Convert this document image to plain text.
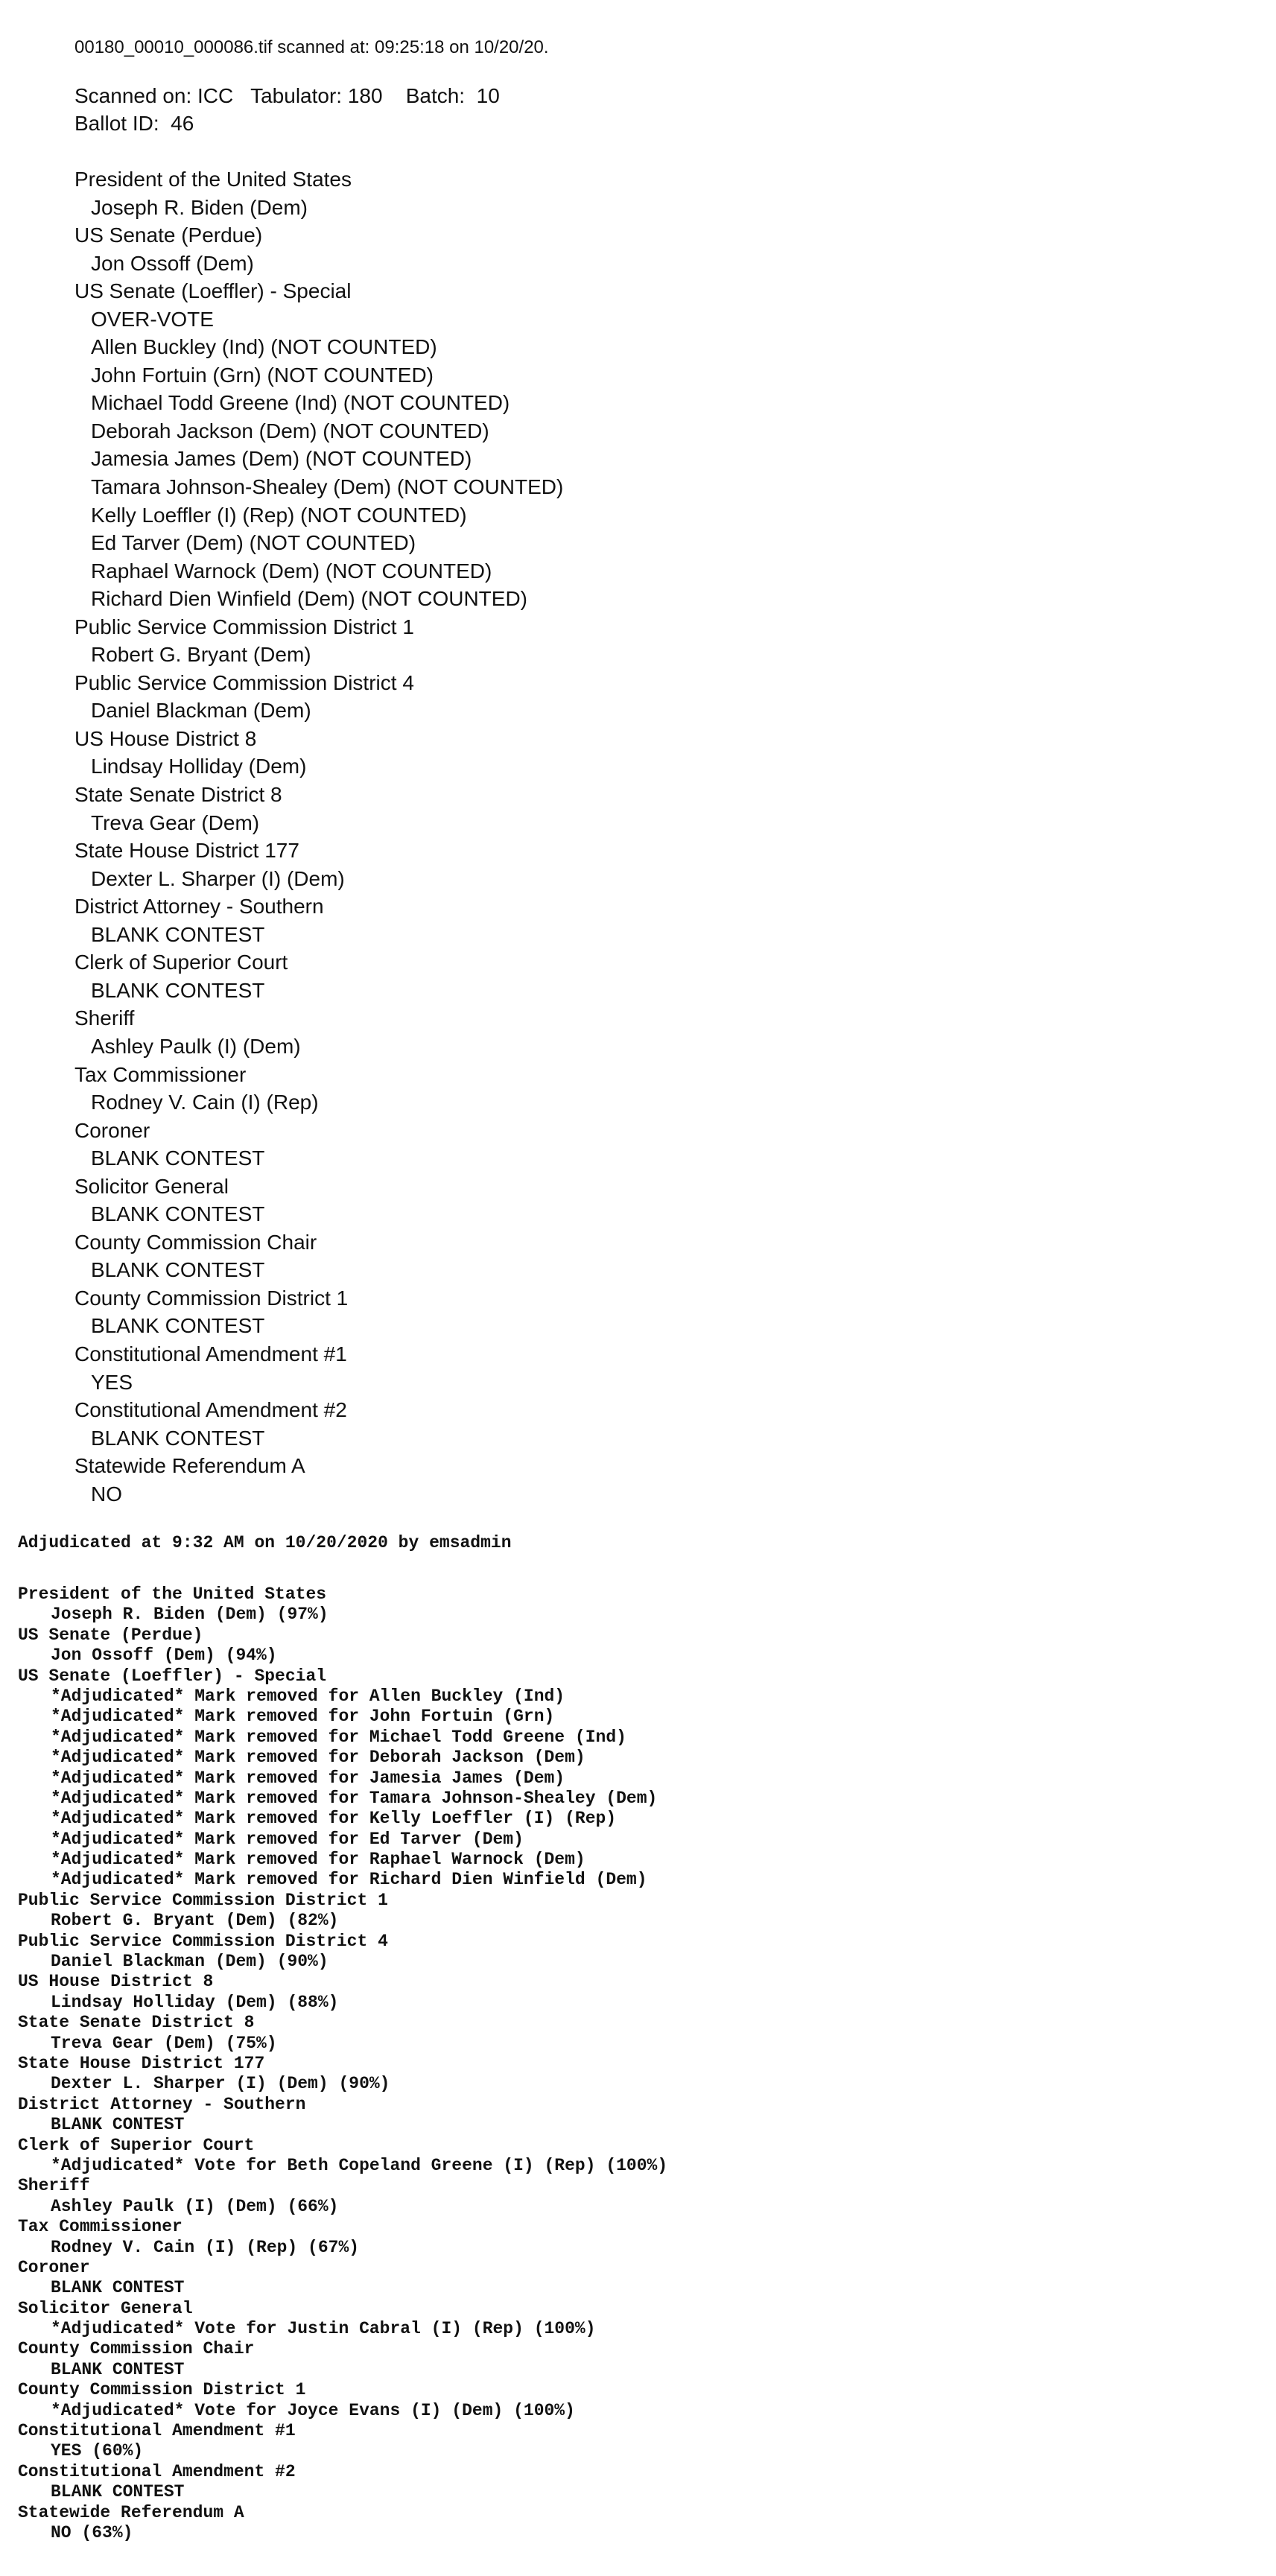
00180_00010_000086.tif scanned at: 09:25:18 on 10/20/20.
Scanned on: ICC Tabulator: 180 Batch: 10
Ballot ID: 46
President of the United States
Joseph R. Biden (Dem)
US Senate (Perdue)
Jon Ossoff (Dem)
US Senate (Loeffler) - Special
OVER-VOTE
Allen Buckley (Ind) (NOT COUNTED)
John Fortuin (Grn) (NOT COUNTED)
Michael Todd Greene (Ind) (NOT COUNTED)
Deborah Jackson (Dem) (NOT COUNTED)
Jamesia James (Dem) (NOT COUNTED)
Tamara Johnson-Shealey (Dem) (NOT COUNTED)
Kelly Loeffler (I) (Rep) (NOT COUNTED)
Ed Tarver (Dem) (NOT COUNTED)
Raphael Warnock (Dem) (NOT COUNTED)
Richard Dien Winfield (Dem) (NOT COUNTED)
Public Service Commission District 1
Robert G. Bryant (Dem)
Public Service Commission District 4
Daniel Blackman (Dem)
US House District 8
Lindsay Holliday (Dem)
State Senate District 8
Treva Gear (Dem)
State House District 177
Dexter L. Sharper (I) (Dem)
District Attorney - Southern
BLANK CONTEST
Clerk of Superior Court
BLANK CONTEST
Sheriff
Ashley Paulk (I) (Dem)
Tax Commissioner
Rodney V. Cain (I) (Rep)
Coroner
BLANK CONTEST
Solicitor General
BLANK CONTEST
County Commission Chair
BLANK CONTEST
County Commission District 1
BLANK CONTEST
Constitutional Amendment #1
YES
Constitutional Amendment #2
BLANK CONTEST
Statewide Referendum A
NO
Adjudicated at 9:32 AM on 10/20/2020 by emsadmin
President of the United States
Joseph R. Biden (Dem) (97%)
US Senate (Perdue)
Jon Ossoff (Dem) (94%)
US Senate (Loeffler) - Special
*Adjudicated* Mark removed for Allen Buckley (Ind)
*Adjudicated* Mark removed for John Fortuin (Grn)
*Adjudicated* Mark removed for Michael Todd Greene (Ind)
*Adjudicated* Mark removed for Deborah Jackson (Dem)
*Adjudicated* Mark removed for Jamesia James (Dem)
*Adjudicated* Mark removed for Tamara Johnson-Shealey (Dem)
*Adjudicated* Mark removed for Kelly Loeffler (I) (Rep)
*Adjudicated* Mark removed for Ed Tarver (Dem)
*Adjudicated* Mark removed for Raphael Warnock (Dem)
*Adjudicated* Mark removed for Richard Dien Winfield (Dem)
Public Service Commission District 1
Robert G. Bryant (Dem) (82%)
Public Service Commission District 4
Daniel Blackman (Dem) (90%)
US House District 8
Lindsay Holliday (Dem) (88%)
State Senate District 8
Treva Gear (Dem) (75%)
State House District 177
Dexter L. Sharper (I) (Dem) (90%)
District Attorney - Southern
BLANK CONTEST
Clerk of Superior Court
*Adjudicated* Vote for Beth Copeland Greene (I) (Rep) (100%)
Sheriff
Ashley Paulk (I) (Dem) (66%)
Tax Commissioner
Rodney V. Cain (I) (Rep) (67%)
Coroner
BLANK CONTEST
Solicitor General
*Adjudicated* Vote for Justin Cabral (I) (Rep) (100%)
County Commission Chair
BLANK CONTEST
County Commission District 1
*Adjudicated* Vote for Joyce Evans (I) (Dem) (100%)
Constitutional Amendment #1
YES (60%)
Constitutional Amendment #2
BLANK CONTEST
Statewide Referendum A
NO (63%)
